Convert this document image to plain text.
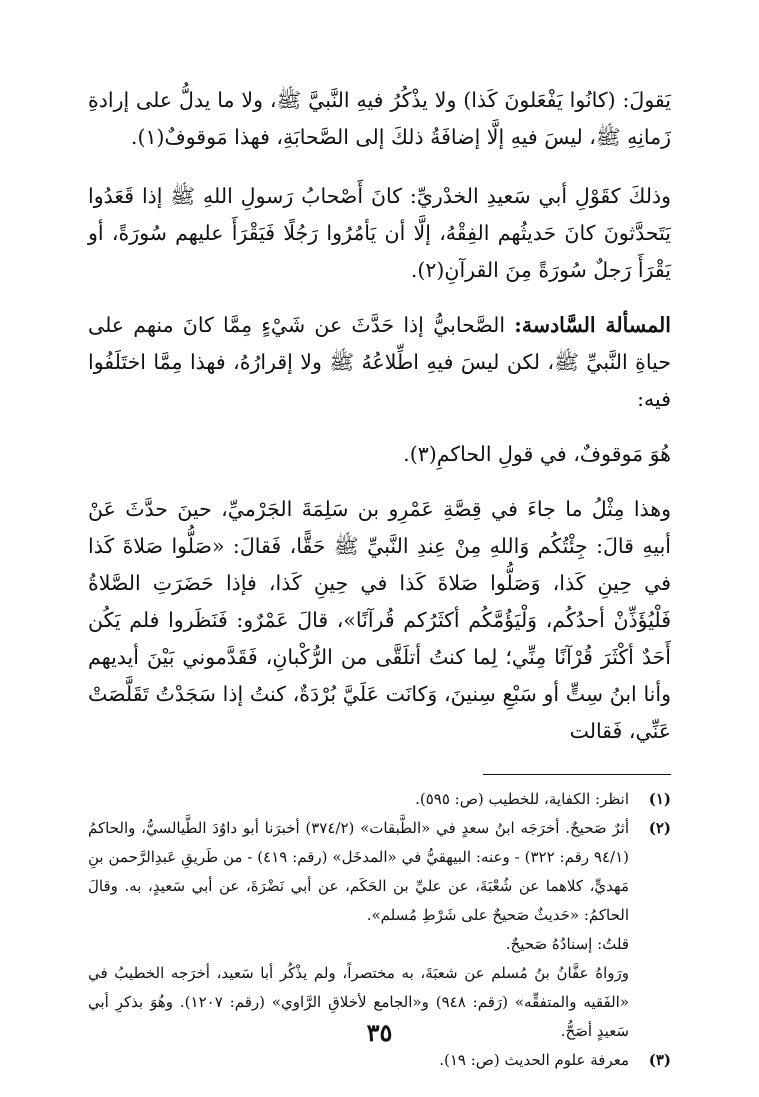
يَقولَ: (كانُوا يَفْعَلونَ كَذا) ولا يذْكُرُ فيهِ النَّبيَّ ﷺ، ولا ما يدلُّ على إرادةِ زَمانِهِ ﷺ، ليسَ فيهِ إلَّا إضافَةُ ذلكَ إلى الصَّحابَةِ، فهذا مَوقوفٌ(١).

وذلكَ كقَوْلِ أبي سَعيدِ الخدْريِّ: كانَ أَصْحابُ رَسولِ اللهِ ﷺ إذا قَعَدُوا يَتَحدَّثونَ كانَ حَديثُهم الفِقْهُ، إلَّا أن يَأمُرُوا رَجُلًا فَيَقْرَأَ عليهم سُورَةً، أو يَقْرَأَ رَجلٌ سُورَةً مِنَ القرآنِ(٢).

المسألة السَّادسة: الصَّحابيُّ إذا حَدَّثَ عن شَيْءٍ مِمَّا كانَ منهم على حياةِ النَّبيِّ ﷺ، لكن ليسَ فيهِ اطِّلاعُهُ ﷺ ولا إقرارُهُ، فهذا مِمَّا اختَلَفُوا فيه:

هُوَ مَوقوفٌ، في قولِ الحاكمِ(٣).

وهذا مِثْلُ ما جاءَ في قِصَّةِ عَمْرِو بن سَلِمَةَ الجَرْميِّ، حينَ حدَّثَ عَنْ أبيهِ قالَ: جِئْتُكُم وَاللهِ مِنْ عِندِ النَّبيِّ ﷺ حَقًّا، فَقالَ: «صَلُّوا صَلاةَ كَذا في حِينِ كَذا، وَصَلُّوا صَلاةَ كَذا في حِينِ كَذا، فإذا حَضَرَتِ الصَّلاةُ فَلْيُؤَذِّنْ أحدُكُم، وَلْيَؤُمَّكُم أكثَرُكم قُرآنًا»، قالَ عَمْرٌو: فَنَظَروا فلم يَكُن أَحَدٌ أكْثَرَ قُرْآنًا مِنِّي؛ لِما كنتُ أتلَقَّى من الرُّكْبانِ، فَقَدَّموني بَيْنَ أيديهم وأنا ابنُ سِتٍّ أو سَبْعِ سِنينَ، وَكانَت عَلَيَّ بُرْدَةٌ، كنتُ إذا سَجَدْتُ تَقَلَّصَتْ عَنِّي، فَقالت

(١)
انظر: الكفاية، للخطيب (ص: ٥٩٥).
(٢)
أثرٌ صَحيحٌ. أخرَجَه ابنُ سعدٍ في «الطَّبقات» (٣٧٤/٢) أخبرَنا أبو داوُدَ الطَّيالسيُّ، والحاكمُ (٩٤/١ رقم: ٣٢٢) - وعنه: البيهقيُّ في «المدخَل» (رقم: ٤١٩) - من طَريقِ عَبدِالرَّحمن بنِ مَهديٍّ، كلاهما عن شُعْبَةَ، عن عليِّ بن الحَكَم، عن أبي نَضْرَةَ، عن أبي سَعيدٍ، به. وقالَ الحاكمُ: «حَديثٌ صَحيحٌ على شَرْطِ مُسلم».
قلتُ: إسنادُهُ صَحيحٌ.
ورَواهُ عفَّانُ بنُ مُسلم عن شعبَةَ، به مختصراً، ولم يذْكُر أبا سَعيد، أخرَجه الخطيبُ في «الفَقيه والمتفقِّه» (رَقم: ٩٤٨) و«الجامع لأخلاقِ الرَّاوي» (رقم: ١٢٠٧). وهُوَ بذكرِ أبي سَعيدٍ أصَحُّ.
(٣)
معرفة علوم الحديث (ص: ١٩).
٣٥
